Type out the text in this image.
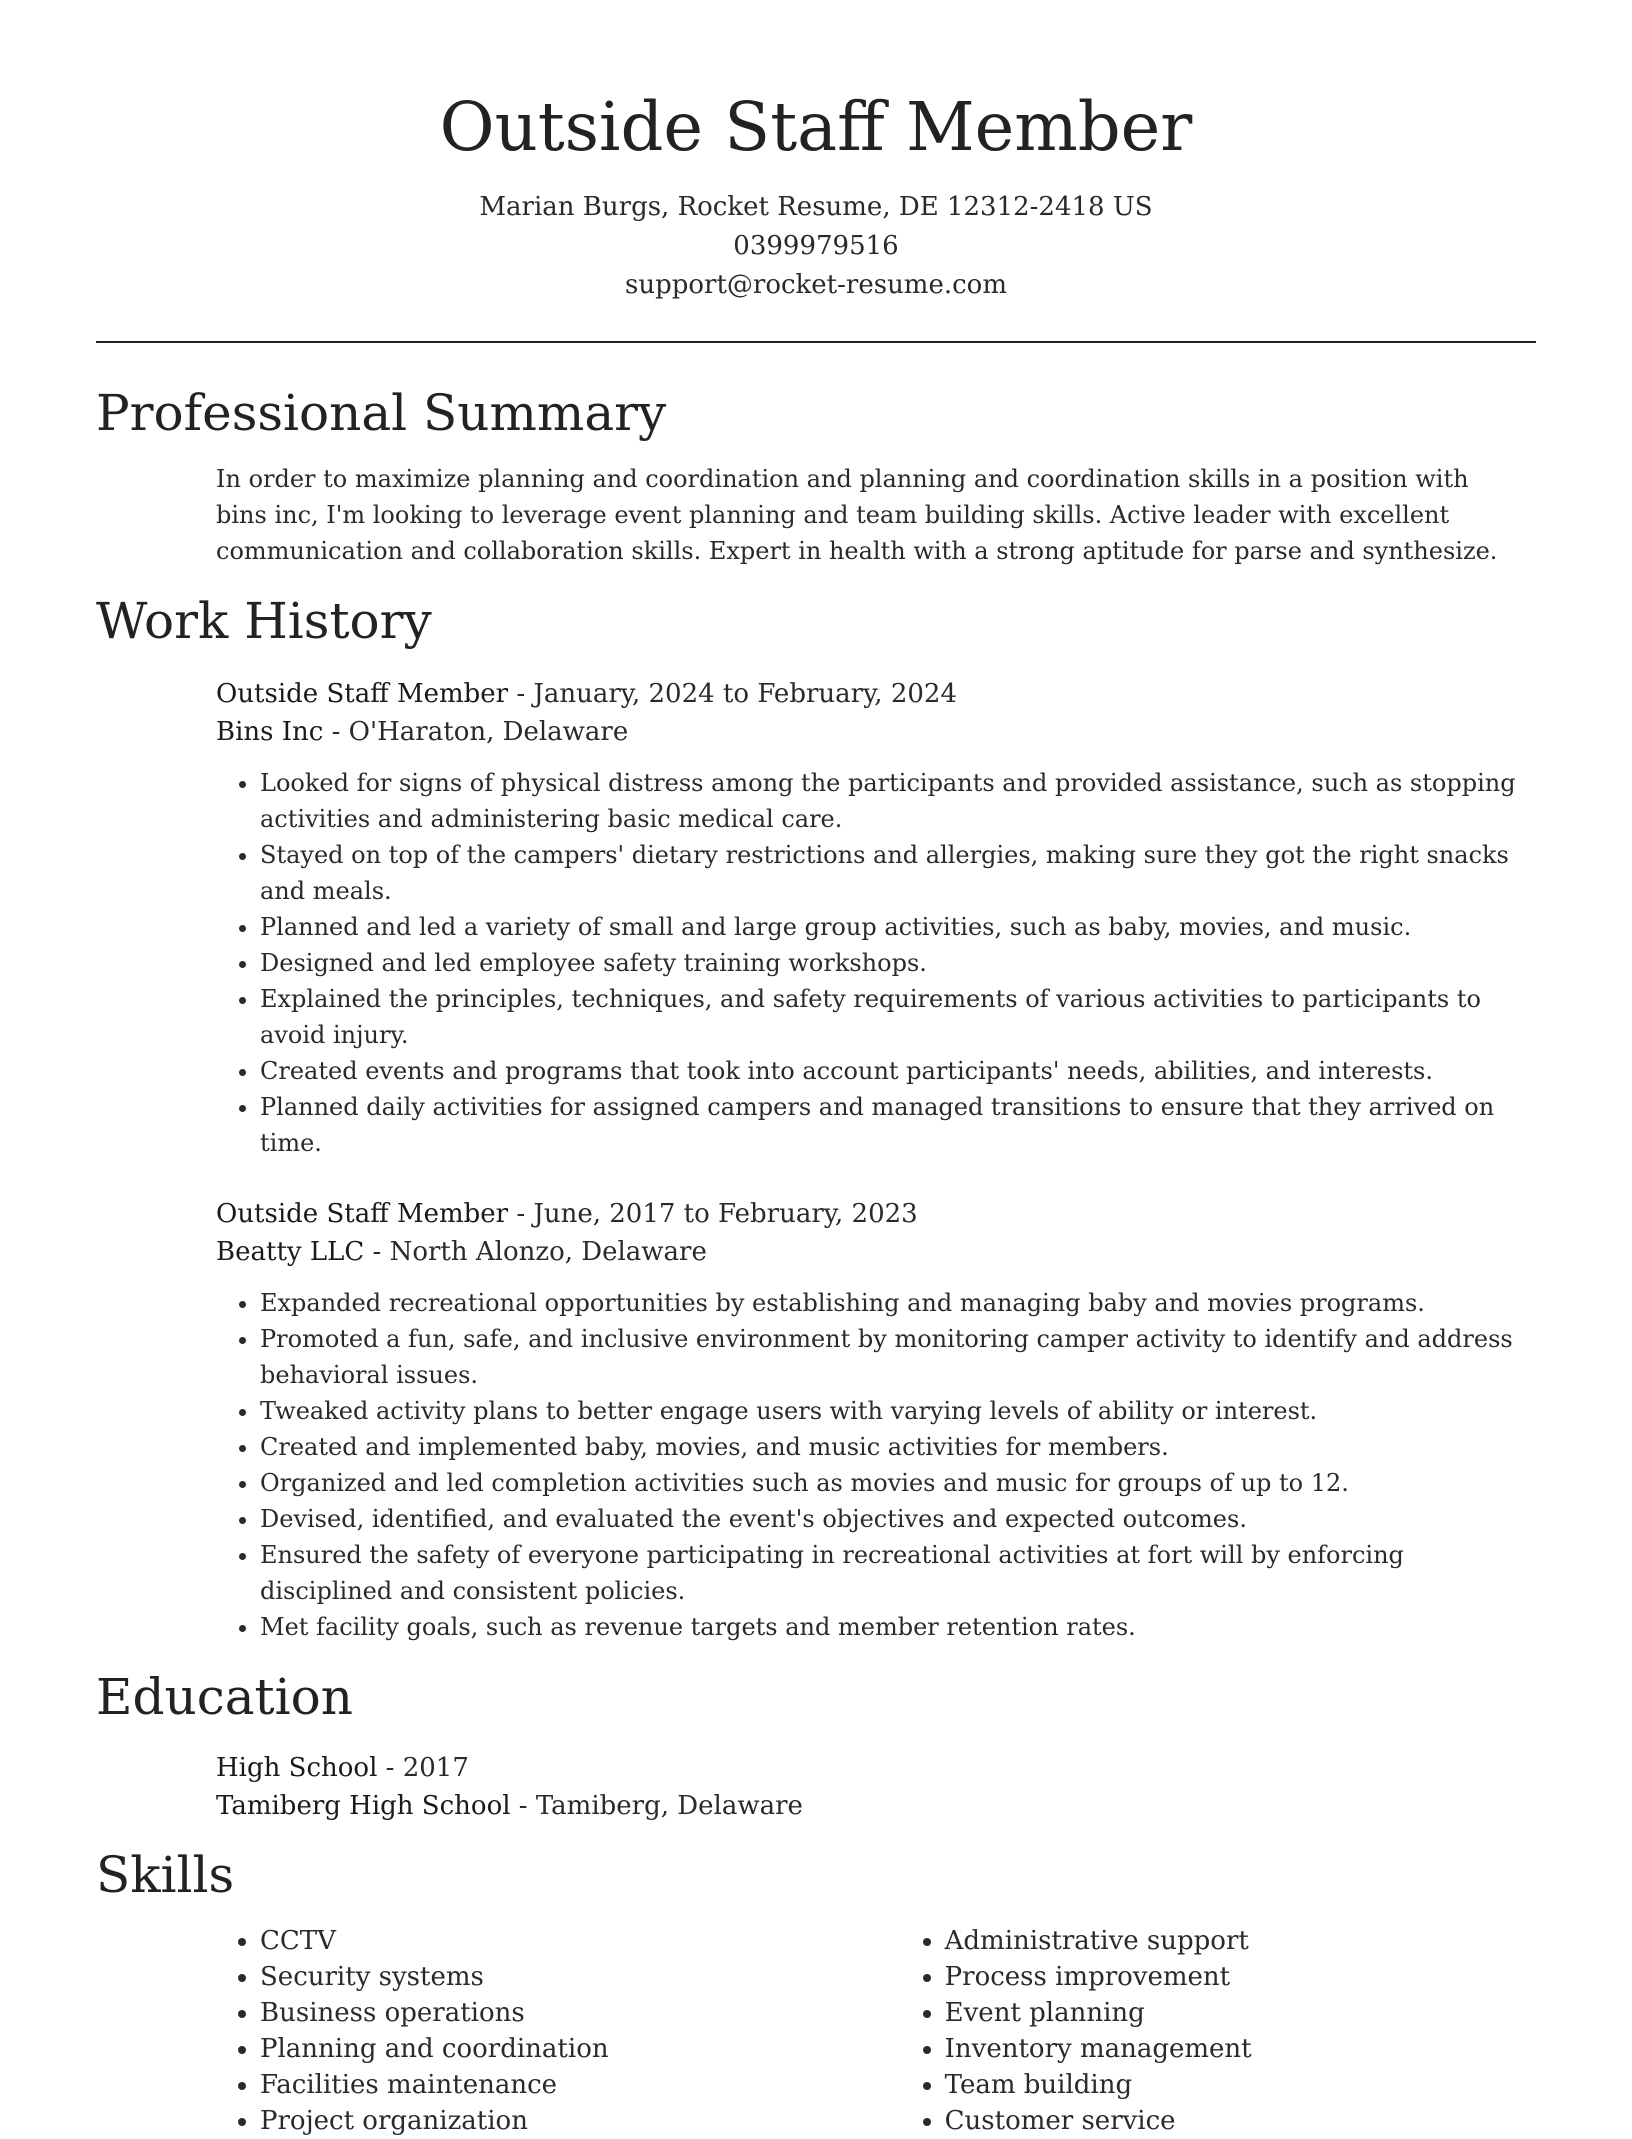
Outside Staff Member
Marian Burgs, Rocket Resume, DE 12312-2418 US
0399979516
support@rocket-resume.com
Professional Summary
In order to maximize planning and coordination and planning and coordination skills in a position with bins inc, I'm looking to leverage event planning and team building skills. Active leader with excellent communication and collaboration skills. Expert in health with a strong aptitude for parse and synthesize.
Work History
Outside Staff Member - January, 2024 to February, 2024
Bins Inc - O'Haraton, Delaware
• Looked for signs of physical distress among the participants and provided assistance, such as stopping activities and administering basic medical care.
• Stayed on top of the campers' dietary restrictions and allergies, making sure they got the right snacks and meals.
• Planned and led a variety of small and large group activities, such as baby, movies, and music.
• Designed and led employee safety training workshops.
• Explained the principles, techniques, and safety requirements of various activities to participants to avoid injury.
• Created events and programs that took into account participants' needs, abilities, and interests.
• Planned daily activities for assigned campers and managed transitions to ensure that they arrived on time.
Outside Staff Member - June, 2017 to February, 2023
Beatty LLC - North Alonzo, Delaware
• Expanded recreational opportunities by establishing and managing baby and movies programs.
• Promoted a fun, safe, and inclusive environment by monitoring camper activity to identify and address behavioral issues.
• Tweaked activity plans to better engage users with varying levels of ability or interest.
• Created and implemented baby, movies, and music activities for members.
• Organized and led completion activities such as movies and music for groups of up to 12.
• Devised, identified, and evaluated the event's objectives and expected outcomes.
• Ensured the safety of everyone participating in recreational activities at fort will by enforcing disciplined and consistent policies.
• Met facility goals, such as revenue targets and member retention rates.
Education
High School - 2017
Tamiberg High School - Tamiberg, Delaware
Skills
• CCTV
• Security systems
• Business operations
• Planning and coordination
• Facilities maintenance
• Project organization
• Administrative support
• Process improvement
• Event planning
• Inventory management
• Team building
• Customer service
